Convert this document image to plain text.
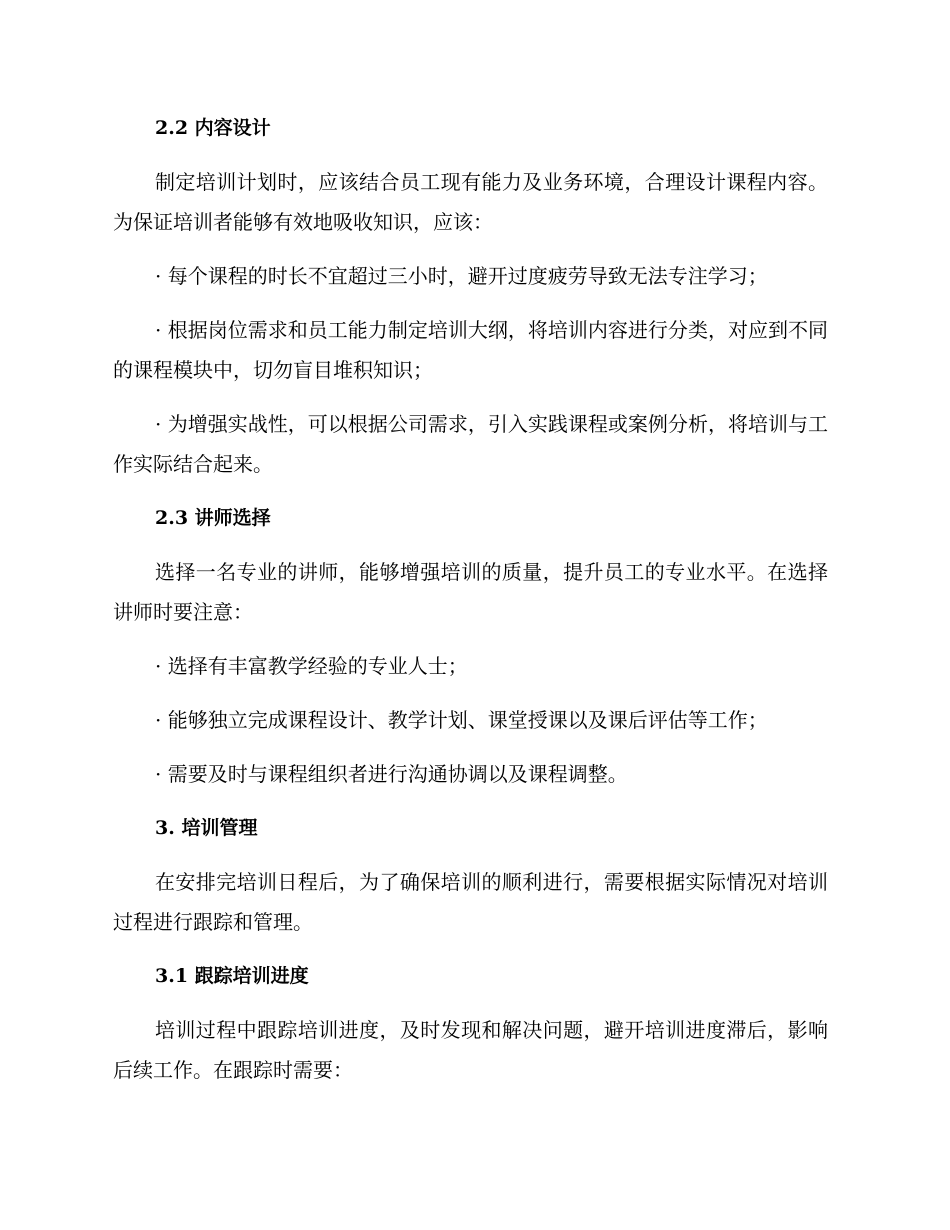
2.2 内容设计
制定培训计划时，应该结合员工现有能力及业务环境，合理设计课程内容。为保证培训者能够有效地吸收知识，应该：
· 每个课程的时长不宜超过三小时，避开过度疲劳导致无法专注学习；
· 根据岗位需求和员工能力制定培训大纲，将培训内容进行分类，对应到不同的课程模块中，切勿盲目堆积知识；
· 为增强实战性，可以根据公司需求，引入实践课程或案例分析，将培训与工作实际结合起来。
2.3 讲师选择
选择一名专业的讲师，能够增强培训的质量，提升员工的专业水平。在选择讲师时要注意：
· 选择有丰富教学经验的专业人士；
· 能够独立完成课程设计、教学计划、课堂授课以及课后评估等工作；
· 需要及时与课程组织者进行沟通协调以及课程调整。
3. 培训管理
在安排完培训日程后，为了确保培训的顺利进行，需要根据实际情况对培训过程进行跟踪和管理。
3.1 跟踪培训进度
培训过程中跟踪培训进度，及时发现和解决问题，避开培训进度滞后，影响后续工作。在跟踪时需要：
